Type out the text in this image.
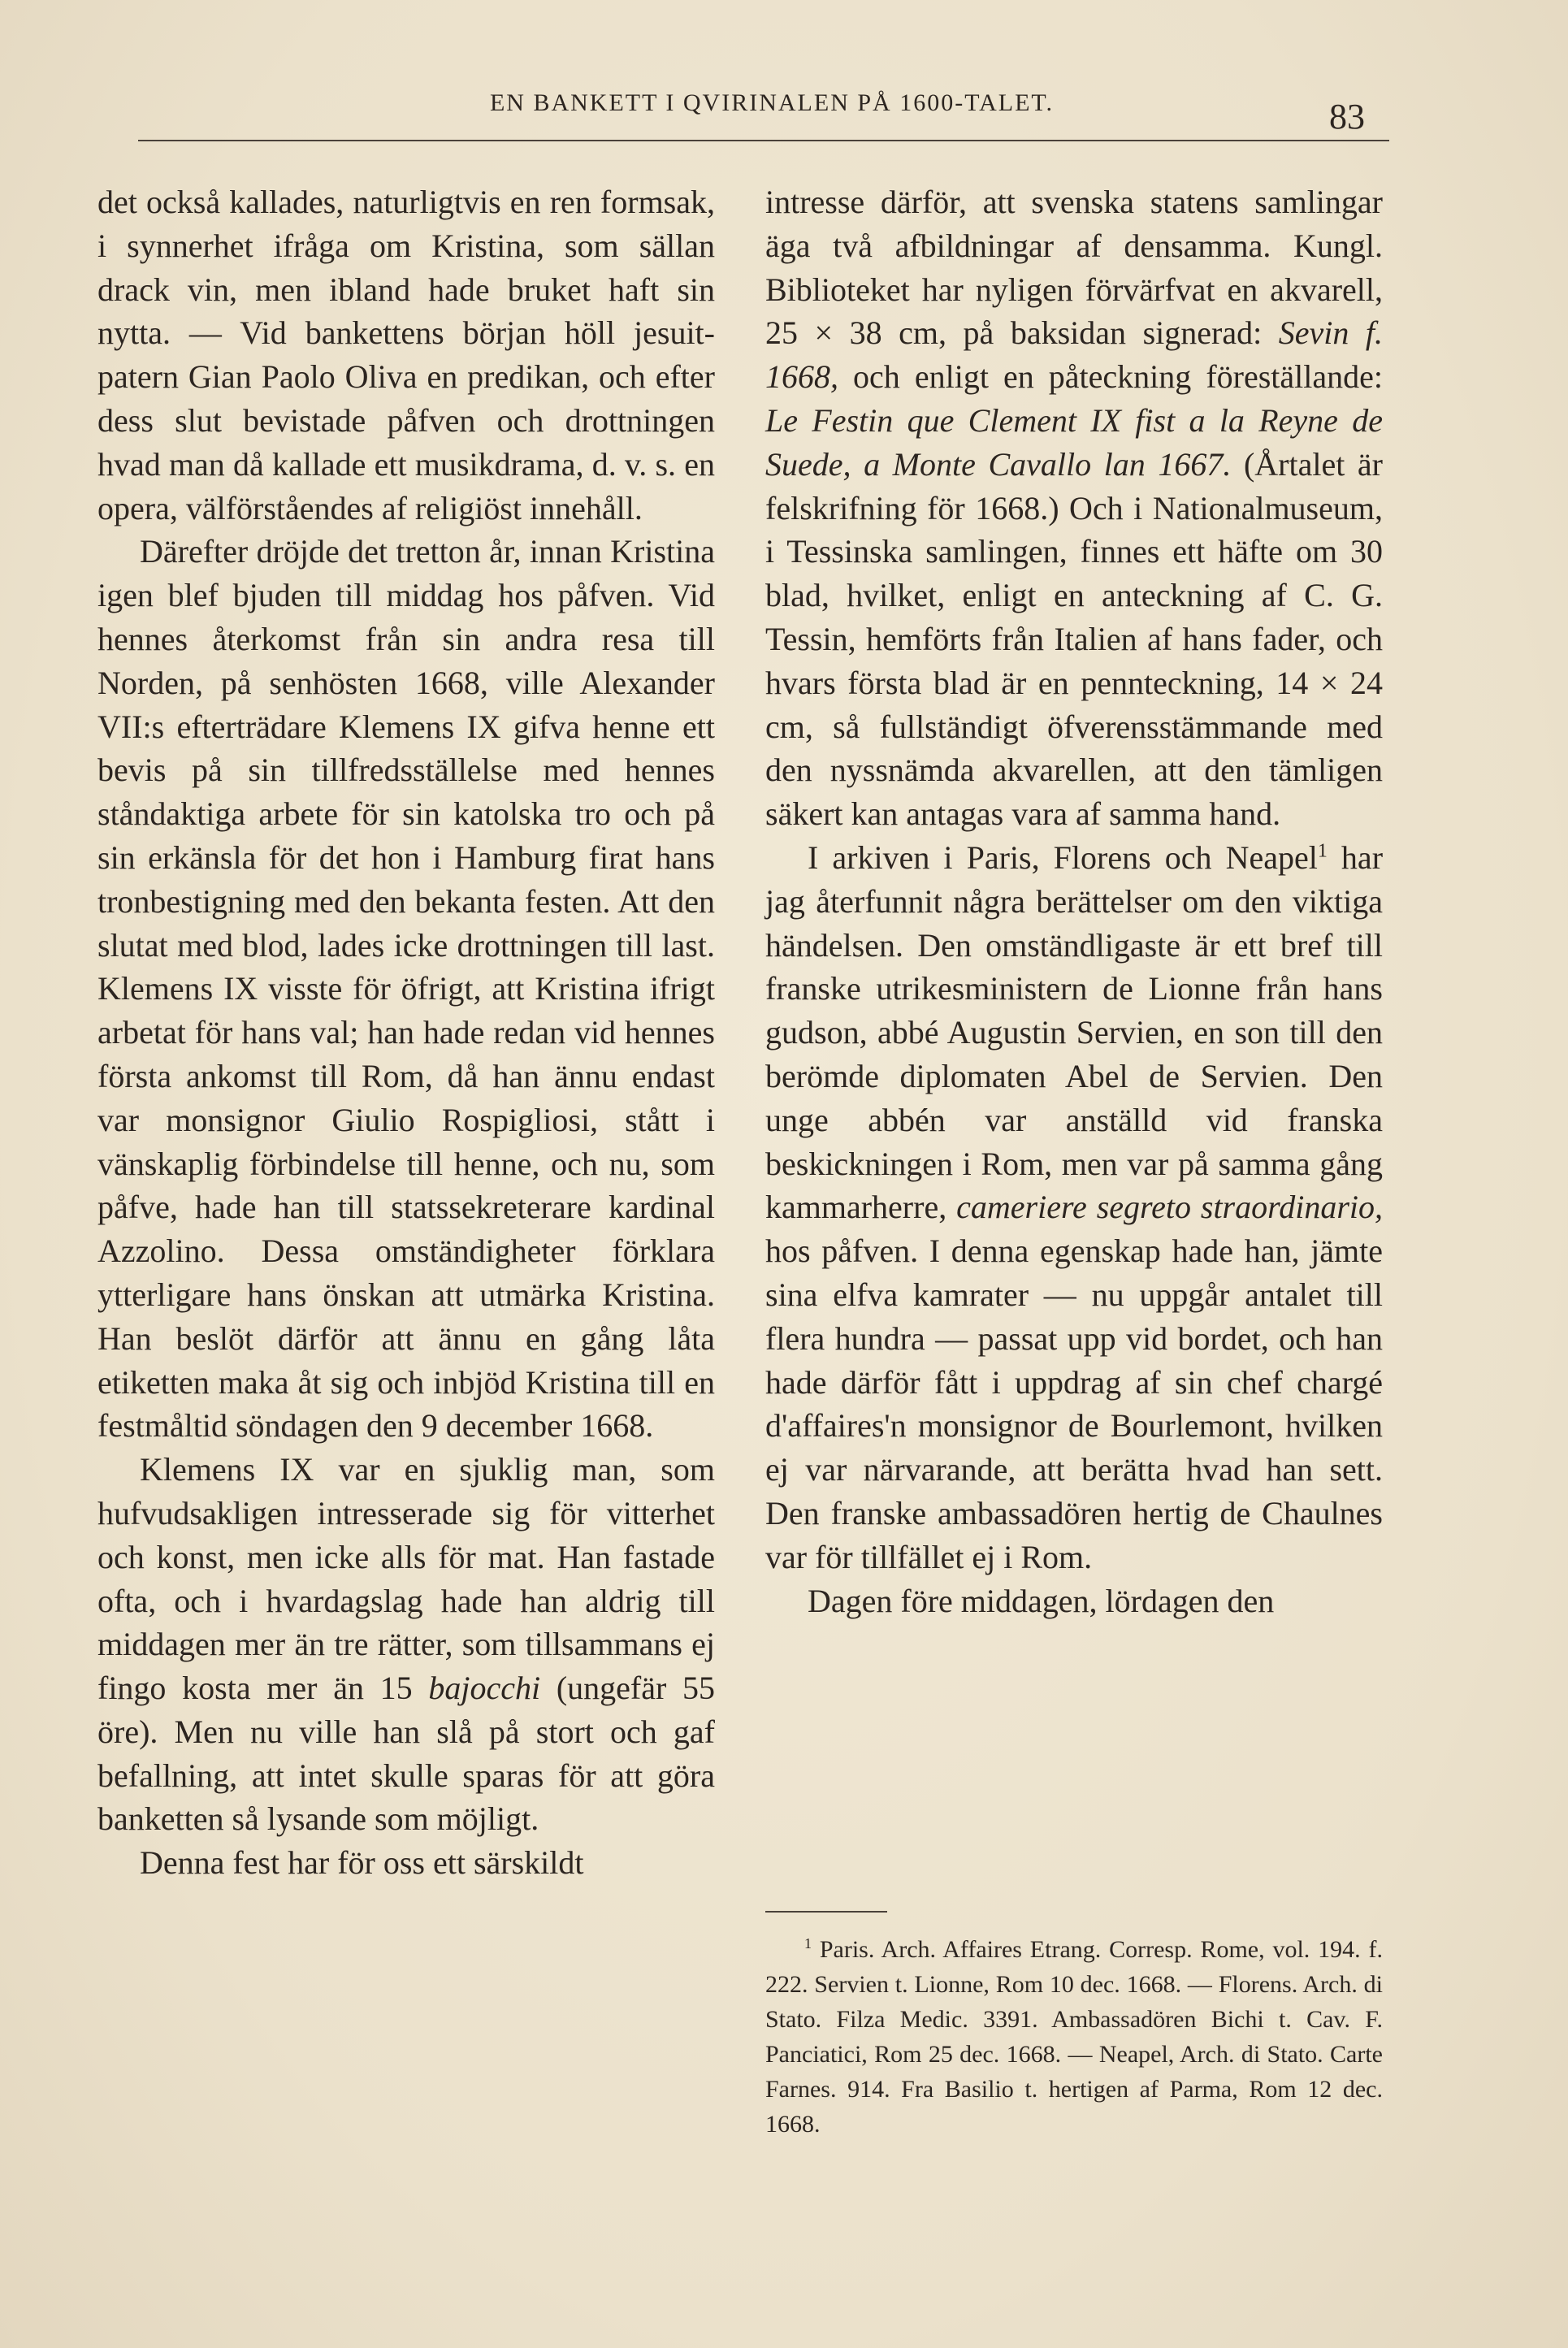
EN BANKETT I QVIRINALEN PÅ 1600-TALET.	83

det också kallades, naturligtvis en ren formsak, i synnerhet ifråga om Kristina, som sällan drack vin, men ibland hade bruket haft sin nytta. — Vid bankettens början höll jesuit-patern Gian Paolo Oliva en predikan, och efter dess slut bevistade påfven och drottningen hvad man då kallade ett musikdrama, d. v. s. en opera, välförståendes af religiöst innehåll.

Därefter dröjde det tretton år, innan Kristina igen blef bjuden till middag hos påfven. Vid hennes återkomst från sin andra resa till Norden, på senhösten 1668, ville Alexander VII:s efterträdare Klemens IX gifva henne ett bevis på sin tillfredsställelse med hennes ståndaktiga arbete för sin katolska tro och på sin erkänsla för det hon i Hamburg firat hans tronbestigning med den bekanta festen. Att den slutat med blod, lades icke drottningen till last. Klemens IX visste för öfrigt, att Kristina ifrigt arbetat för hans val; han hade redan vid hennes första ankomst till Rom, då han ännu endast var monsignor Giulio Rospigliosi, stått i vänskaplig förbindelse till henne, och nu, som påfve, hade han till statssekreterare kardinal Azzolino. Dessa omständigheter förklara ytterligare hans önskan att utmärka Kristina. Han beslöt därför att ännu en gång låta etiketten maka åt sig och inbjöd Kristina till en festmåltid söndagen den 9 december 1668.

Klemens IX var en sjuklig man, som hufvudsakligen intresserade sig för vitterhet och konst, men icke alls för mat. Han fastade ofta, och i hvardagslag hade han aldrig till middagen mer än tre rätter, som tillsammans ej fingo kosta mer än 15 bajocchi (ungefär 55 öre). Men nu ville han slå på stort och gaf befallning, att intet skulle sparas för att göra banketten så lysande som möjligt.

Denna fest har för oss ett särskildt

intresse därför, att svenska statens samlingar äga två afbildningar af densamma. Kungl. Biblioteket har nyligen förvärfvat en akvarell, 25 × 38 cm, på baksidan signerad: Sevin f. 1668, och enligt en påteckning föreställande: Le Festin que Clement IX fist a la Reyne de Suede, a Monte Cavallo lan 1667. (Årtalet är felskrifning för 1668.) Och i Nationalmuseum, i Tessinska samlingen, finnes ett häfte om 30 blad, hvilket, enligt en anteckning af C. G. Tessin, hemförts från Italien af hans fader, och hvars första blad är en pennteckning, 14 × 24 cm, så fullständigt öfverensstämmande med den nyssnämda akvarellen, att den tämligen säkert kan antagas vara af samma hand.

I arkiven i Paris, Florens och Neapel$^1$ har jag återfunnit några berättelser om den viktiga händelsen. Den omständligaste är ett bref till franske utrikesministern de Lionne från hans gudson, abbé Augustin Servien, en son till den berömde diplomaten Abel de Servien. Den unge abbén var anställd vid franska beskickningen i Rom, men var på samma gång kammarherre, cameriere segreto straordinario, hos påfven. I denna egenskap hade han, jämte sina elfva kamrater — nu uppgår antalet till flera hundra — passat upp vid bordet, och han hade därför fått i uppdrag af sin chef chargé d'affaires'n monsignor de Bourlemont, hvilken ej var närvarande, att berätta hvad han sett. Den franske ambassadören hertig de Chaulnes var för tillfället ej i Rom.

Dagen före middagen, lördagen den

$^1$ Paris. Arch. Affaires Etrang. Corresp. Rome, vol. 194. f. 222. Servien t. Lionne, Rom 10 dec. 1668. — Florens. Arch. di Stato. Filza Medic. 3391. Ambassadören Bichi t. Cav. F. Panciatici, Rom 25 dec. 1668. — Neapel, Arch. di Stato. Carte Farnes. 914. Fra Basilio t. hertigen af Parma, Rom 12 dec. 1668.
